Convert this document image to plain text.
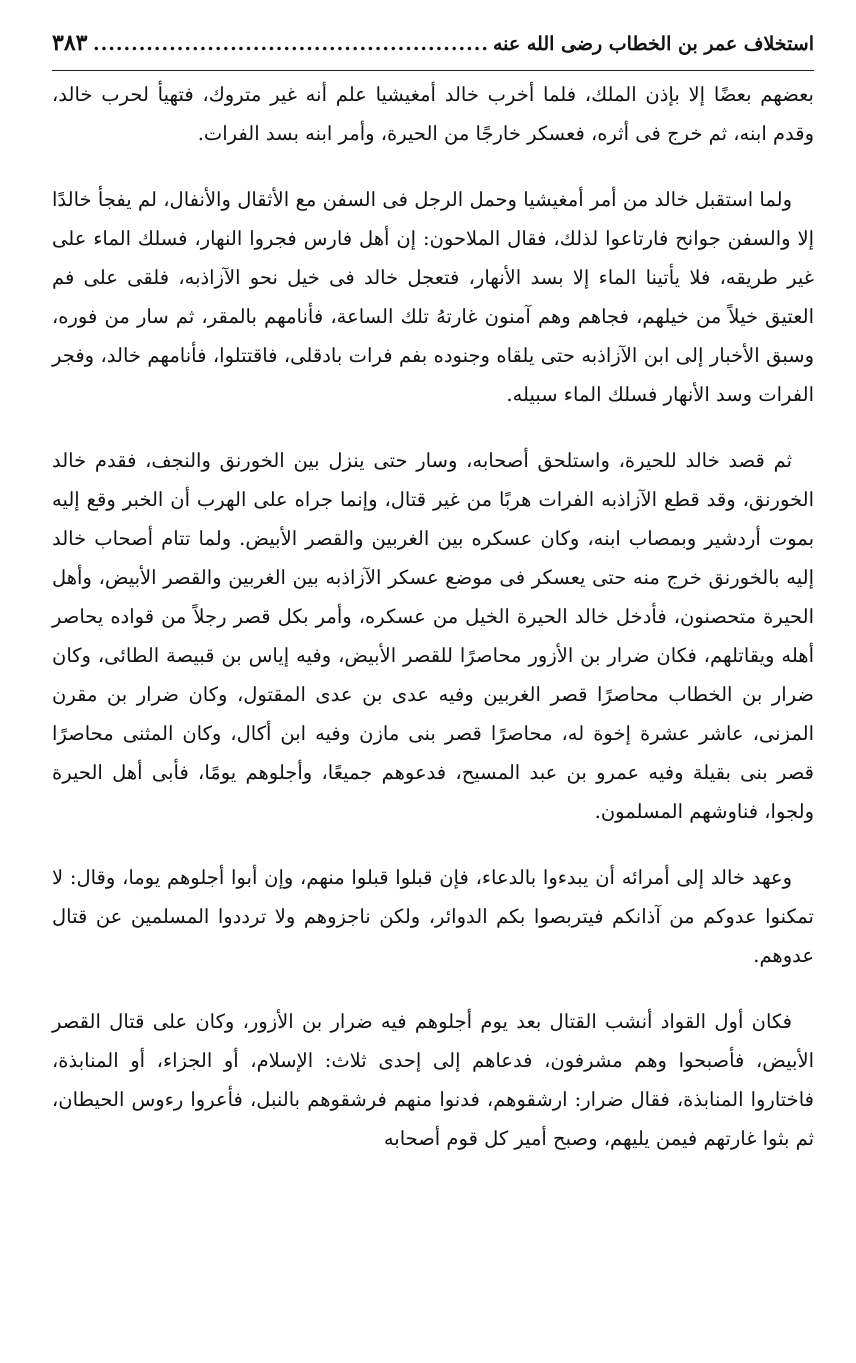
استخلاف عمر بن الخطاب رضى الله عنه
.....
٣٨٣

بعضهم بعضًا إلا بإذن الملك، فلما أخرب خالد أمغيشيا علم أنه غير متروك، فتهيأ لحرب خالد، وقدم ابنه، ثم خرج فى أثره، فعسكر خارجًا من الحيرة، وأمر ابنه بسد الفرات.

ولما استقبل خالد من أمر أمغيشيا وحمل الرجل فى السفن مع الأثقال والأنفال، لم يفجأ خالدًا إلا والسفن جوانح فارتاعوا لذلك، فقال الملاحون: إن أهل فارس فجروا النهار، فسلك الماء على غير طريقه، فلا يأتينا الماء إلا بسد الأنهار، فتعجل خالد فى خيل نحو الآزاذبه، فلقى على فم العتيق خيلاً من خيلهم، فجاهم وهم آمنون غارتهُ تلك الساعة، فأنامهم بالمقر، ثم سار من فوره، وسبق الأخبار إلى ابن الآزاذبه حتى يلقاه وجنوده بفم فرات بادقلى، فاقتتلوا، فأنامهم خالد، وفجر الفرات وسد الأنهار فسلك الماء سبيله.

ثم قصد خالد للحيرة، واستلحق أصحابه، وسار حتى ينزل بين الخورنق والنجف، فقدم خالد الخورنق، وقد قطع الآزاذبه الفرات هربًا من غير قتال، وإنما جراه على الهرب أن الخبر وقع إليه بموت أردشير وبمصاب ابنه، وكان عسكره بين الغربين والقصر الأبيض. ولما تتام أصحاب خالد إليه بالخورنق خرج منه حتى يعسكر فى موضع عسكر الآزاذبه بين الغربين والقصر الأبيض، وأهل الحيرة متحصنون، فأدخل خالد الحيرة الخيل من عسكره، وأمر بكل قصر رجلاً من قواده يحاصر أهله ويقاتلهم، فكان ضرار بن الأزور محاصرًا للقصر الأبيض، وفيه إياس بن قبيصة الطائى، وكان ضرار بن الخطاب محاصرًا قصر الغربين وفيه عدى بن عدى المقتول، وكان ضرار بن مقرن المزنى، عاشر عشرة إخوة له، محاصرًا قصر بنى مازن وفيه ابن أكال، وكان المثنى محاصرًا قصر بنى بقيلة وفيه عمرو بن عبد المسيح، فدعوهم جميعًا، وأجلوهم يومًا، فأبى أهل الحيرة ولجوا، فناوشهم المسلمون.

وعهد خالد إلى أمرائه أن يبدءوا بالدعاء، فإن قبلوا قبلوا منهم، وإن أبوا أجلوهم يوما، وقال: لا تمكنوا عدوكم من آذانكم فيتربصوا بكم الدوائر، ولكن ناجزوهم ولا ترددوا المسلمين عن قتال عدوهم.

فكان أول القواد أنشب القتال بعد يوم أجلوهم فيه ضرار بن الأزور، وكان على قتال القصر الأبيض، فأصبحوا وهم مشرفون، فدعاهم إلى إحدى ثلاث: الإسلام، أو الجزاء، أو المنابذة، فاختاروا المنابذة، فقال ضرار: ارشقوهم، فدنوا منهم فرشقوهم بالنبل، فأعروا رءوس الحيطان، ثم بثوا غارتهم فيمن يليهم، وصبح أمير كل قوم أصحابه
